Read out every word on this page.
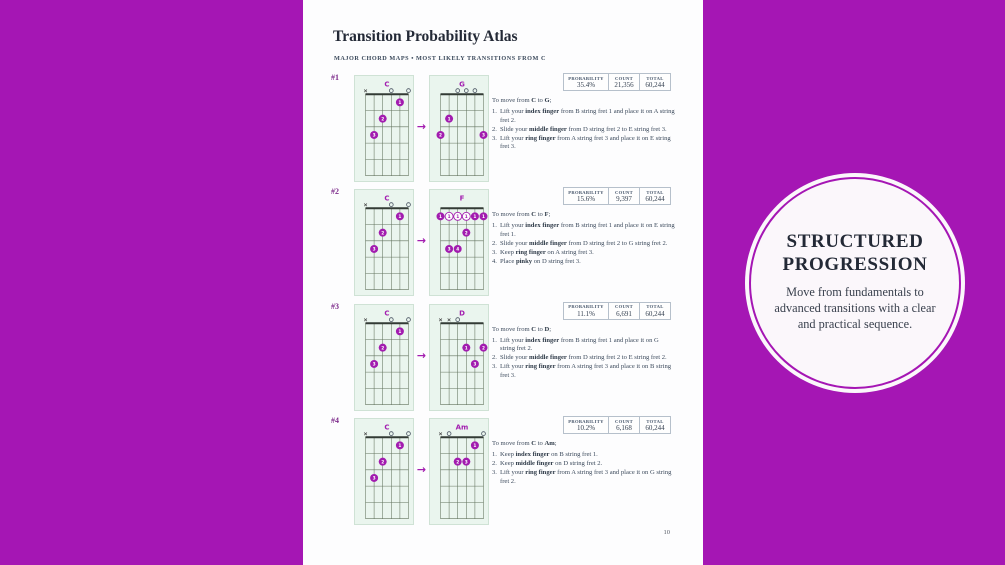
Transition Probability Atlas
MAJOR CHORD MAPS • MOST LIKELY TRANSITIONS FROM C
#1
C
×
1
2
3
→
G
1
2	3
PROBABILITY
35.4%
COUNT
21,356
TOTAL
60,244
To move from C to G;
1. Lift your index finger from B string fret 1 and place it on A string fret 2.
2. Slide your middle finger from D string fret 2 to E string fret 3.
3. Lift your ring finger from A string fret 3 and place it on E string fret 3.
#2
C
×
1
2
3
→
F
1 1 1 1 1 1
2
3 4
PROBABILITY
15.6%
COUNT
9,397
TOTAL
60,244
To move from C to F;
1. Lift your index finger from B string fret 1 and place it on E string fret 1.
2. Slide your middle finger from D string fret 2 to G string fret 2.
3. Keep ring finger on A string fret 3.
4. Place pinky on D string fret 3.
#3
C
×
1
2
3
→
D
× ×
1	2
3
PROBABILITY
11.1%
COUNT
6,691
TOTAL
60,244
To move from C to D;
1. Lift your index finger from B string fret 1 and place it on G string fret 2.
2. Slide your middle finger from D string fret 2 to E string fret 2.
3. Lift your ring finger from A string fret 3 and place it on B string fret 3.
#4
C
×
1
2
3
→
Am
×
1
2 3
PROBABILITY
10.2%
COUNT
6,168
TOTAL
60,244
To move from C to Am;
1. Keep index finger on B string fret 1.
2. Keep middle finger on D string fret 2.
3. Lift your ring finger from A string fret 3 and place it on G string fret 2.
10
STRUCTURED PROGRESSION
Move from fundamentals to advanced transitions with a clear and practical sequence.
